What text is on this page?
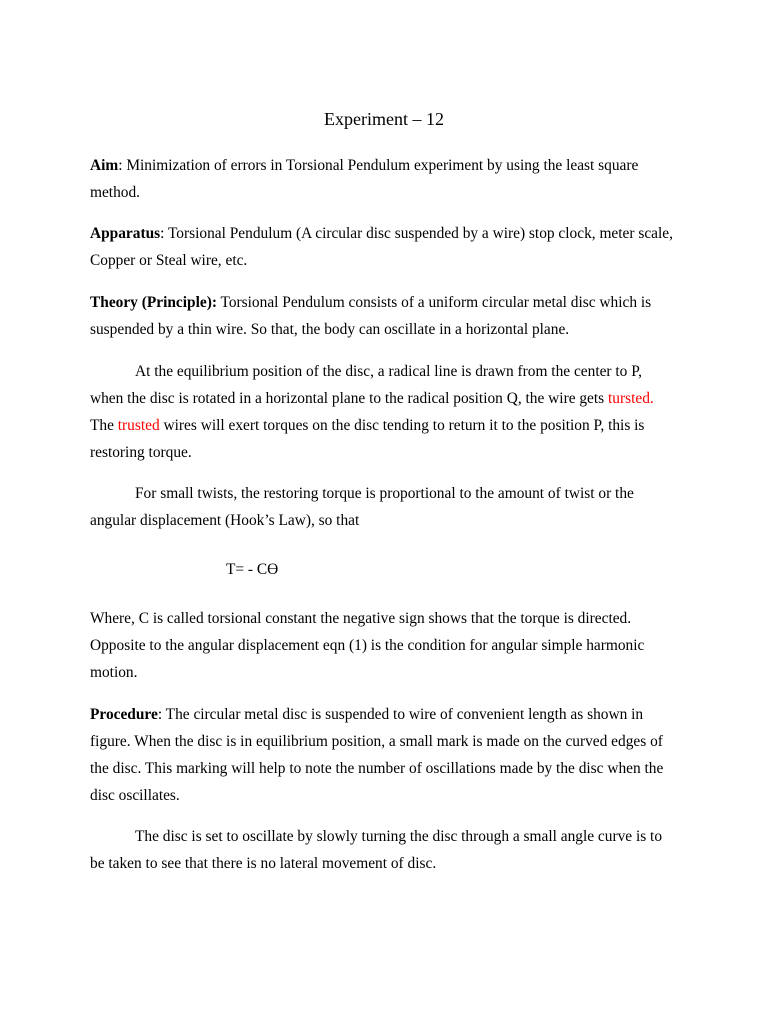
Experiment – 12

Aim: Minimization of errors in Torsional Pendulum experiment by using the least square method.

Apparatus: Torsional Pendulum (A circular disc suspended by a wire) stop clock, meter scale, Copper or Steal wire, etc.

Theory (Principle): Torsional Pendulum consists of a uniform circular metal disc which is suspended by a thin wire. So that, the body can oscillate in a horizontal plane.

At the equilibrium position of the disc, a radical line is drawn from the center to P, when the disc is rotated in a horizontal plane to the radical position Q, the wire gets tursted.  The trusted wires will exert torques on the disc tending to return it to the position P, this is restoring torque.

For small twists, the restoring torque is proportional to the amount of twist or the angular displacement (Hook’s Law), so that

T= - Cϴ

Where, C is called torsional constant the negative sign shows that the torque is directed. Opposite to the angular displacement eqn (1) is the condition for angular simple harmonic motion.

Procedure: The circular metal disc is suspended to wire of convenient length as shown in figure. When the disc is in equilibrium position, a small mark is made on the curved edges of the disc. This marking will help to note the number of oscillations made by the disc when the disc oscillates.

The disc is set to oscillate by slowly turning the disc through a small angle curve is to be taken to see that there is no lateral movement of disc.
